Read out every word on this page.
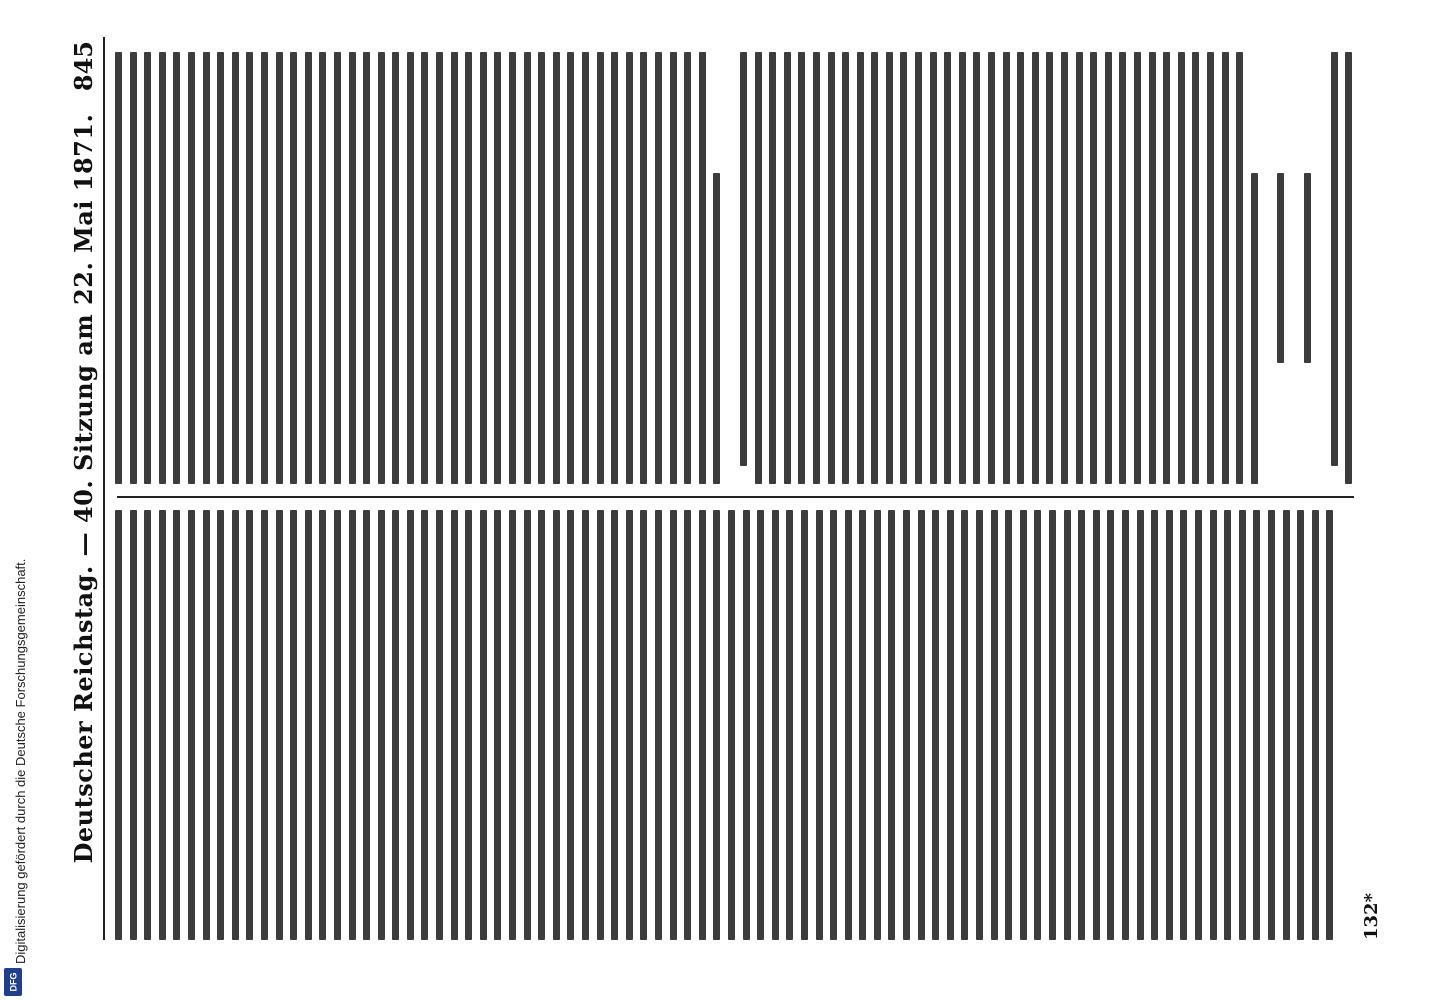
Deutscher Reichstag. — 40. Sitzung am 22. Mai 1871.
845
132*
Digitalisierung gefördert durch die Deutsche Forschungsgemeinschaft.
DFG
